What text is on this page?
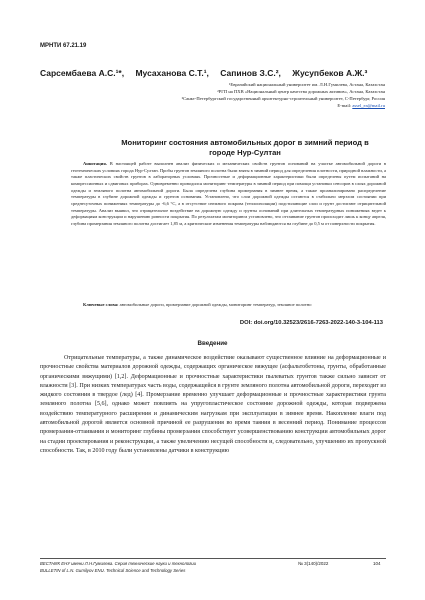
МРНТИ 67.21.19
Сарсембаева А.С.¹*, Мусаханова С.Т.¹, Сапинов З.С.², Жусупбеков А.Ж.³
¹Евразийский национальный университет им. Л.Н.Гумилева, Астана, Казахстан
²РГП на ПХВ «Национальный центр качества дорожных активов», Астана, Казахстан
³Санкт-Петербургский государственный архитектурно-строительный университет, С-Петербург, Россия
E-mail: assel_ea@mail.ru
Мониторинг состояния автомобильных дорог в зимний период в городе Нур-Султан
Аннотация. В настоящей работе выполнен анализ физических и механических свойств грунтов оснований на участке автомобильной дороги в геотехнических условиях города Нур-Султан. Пробы грунтов земляного полотна были взяты в зимний период для определения плотности, природной влажности, а также пластических свойств грунтов в лабораторных условиях. Прочностные и деформационные характеристики были определены путем испытаний на компрессионных и сдвиговых приборах. Одновременно проводился мониторинг температуры в зимний период при помощи установки сенсоров в слоях дорожной одежды и земляного полотна автомобильной дороги. Была определена глубина промерзания в зимнее время, а также проанализировано распределение температуры в глубине дорожной одежды и грунтов основания. Установлено, что слои дорожной одежды остаются в стабильно мерзлом состоянии при среднесуточных понижениях температуры до -6,6 °С, а в отсутствие снежного покрова (теплоизоляции) подстилающие слои и грунт достигают отрицательной температуры. Анализ выявил, что отрицательное воздействие на дорожную одежду и грунты оснований при длительных температурных понижениях ведет к деформациям конструкции и нарушению ровности покрытия. По результатам мониторинга установлено, что оттаивание грунтов происходит лишь к концу апреля, глубина промерзания земляного полотна достигает 1,85 м, а критические изменения температуры наблюдаются на глубине до 0,5 м от поверхности покрытия.
Ключевые слова: автомобильные дороги, промерзание дорожной одежды, мониторинг температур, земляное полотно
DOI: doi.org/10.32523/2616-7263-2022-140-3-104-113
Введение
Отрицательные температуры, а также динамическое воздействие оказывают существенное влияние на деформационные и прочностные свойства материалов дорожной одежды, содержащих органическое вяжущее (асфальтобетоны, грунты, обработанные органическими вяжущими) [1,2]. Деформационные и прочностные характеристики пылеватых грунтов также сильно зависят от влажности [3]. При низких температурах часть воды, содержащейся в грунте земляного полотна автомобильной дороги, переходит из жидкого состояния в твердое (лед) [4]. Промерзание временно улучшает деформационные и прочностные характеристики грунта земляного полотна [5,6], однако может повлиять на упругопластическое состояние дорожной одежды, которая подвержена воздействию температурного расширения и динамическим нагрузкам при эксплуатации в зимнее время. Накопление влаги под автомобильной дорогой является основной причиной ее разрушения во время таяния в весенний период. Понимание процессов промерзания-оттаивания и мониторинг глубины промерзания способствует усовершенствованию конструкции автомобильных дорог на стадии проектирования и реконструкции, а также увеличению несущей способности и, следовательно, улучшению их пропускной способности. Так, в 2010 году были установлены датчики в конструкцию
ВЕСТНИК ЕНУ имени Л.Н.Гумилева. Серия технические науки и технологии
BULLETIN of L.N. Gumilyov ENU. Technical Science and Technology Series
№ 3(140)/2022	104
